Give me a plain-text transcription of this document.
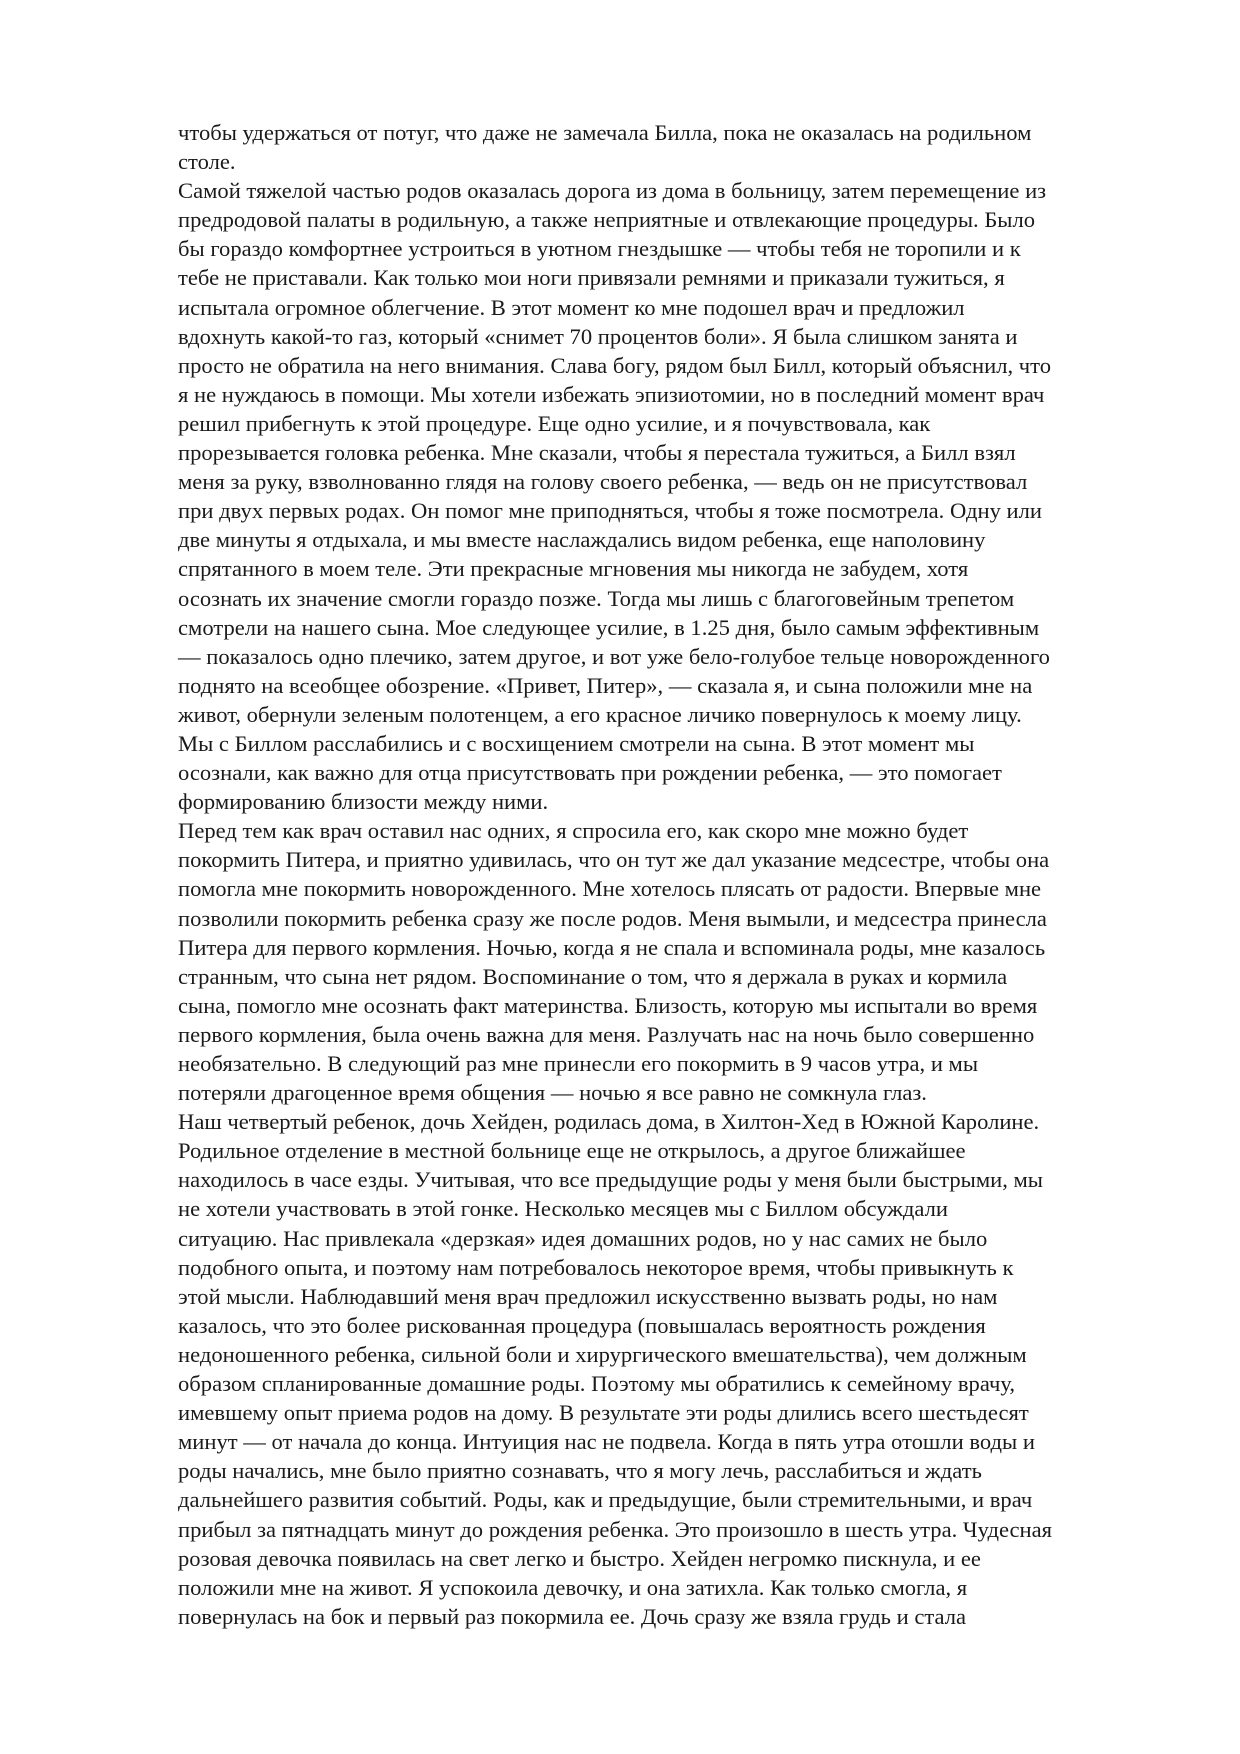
чтобы удержаться от потуг, что даже не замечала Билла, пока не оказалась на родильном
столе.
Самой тяжелой частью родов оказалась дорога из дома в больницу, затем перемещение из
предродовой палаты в родильную, а также неприятные и отвлекающие процедуры. Было
бы гораздо комфортнее устроиться в уютном гнездышке — чтобы тебя не торопили и к
тебе не приставали. Как только мои ноги привязали ремнями и приказали тужиться, я
испытала огромное облегчение. В этот момент ко мне подошел врач и предложил
вдохнуть какой-то газ, который «снимет 70 процентов боли». Я была слишком занята и
просто не обратила на него внимания. Слава богу, рядом был Билл, который объяснил, что
я не нуждаюсь в помощи. Мы хотели избежать эпизиотомии, но в последний момент врач
решил прибегнуть к этой процедуре. Еще одно усилие, и я почувствовала, как
прорезывается головка ребенка. Мне сказали, чтобы я перестала тужиться, а Билл взял
меня за руку, взволнованно глядя на голову своего ребенка, — ведь он не присутствовал
при двух первых родах. Он помог мне приподняться, чтобы я тоже посмотрела. Одну или
две минуты я отдыхала, и мы вместе наслаждались видом ребенка, еще наполовину
спрятанного в моем теле. Эти прекрасные мгновения мы никогда не забудем, хотя
осознать их значение смогли гораздо позже. Тогда мы лишь с благоговейным трепетом
смотрели на нашего сына. Мое следующее усилие, в 1.25 дня, было самым эффективным
— показалось одно плечико, затем другое, и вот уже бело-голубое тельце новорожденного
поднято на всеобщее обозрение. «Привет, Питер», — сказала я, и сына положили мне на
живот, обернули зеленым полотенцем, а его красное личико повернулось к моему лицу.
Мы с Биллом расслабились и с восхищением смотрели на сына. В этот момент мы
осознали, как важно для отца присутствовать при рождении ребенка, — это помогает
формированию близости между ними.
Перед тем как врач оставил нас одних, я спросила его, как скоро мне можно будет
покормить Питера, и приятно удивилась, что он тут же дал указание медсестре, чтобы она
помогла мне покормить новорожденного. Мне хотелось плясать от радости. Впервые мне
позволили покормить ребенка сразу же после родов. Меня вымыли, и медсестра принесла
Питера для первого кормления. Ночью, когда я не спала и вспоминала роды, мне казалось
странным, что сына нет рядом. Воспоминание о том, что я держала в руках и кормила
сына, помогло мне осознать факт материнства. Близость, которую мы испытали во время
первого кормления, была очень важна для меня. Разлучать нас на ночь было совершенно
необязательно. В следующий раз мне принесли его покормить в 9 часов утра, и мы
потеряли драгоценное время общения — ночью я все равно не сомкнула глаз.
Наш четвертый ребенок, дочь Хейден, родилась дома, в Хилтон-Хед в Южной Каролине.
Родильное отделение в местной больнице еще не открылось, а другое ближайшее
находилось в часе езды. Учитывая, что все предыдущие роды у меня были быстрыми, мы
не хотели участвовать в этой гонке. Несколько месяцев мы с Биллом обсуждали
ситуацию. Нас привлекала «дерзкая» идея домашних родов, но у нас самих не было
подобного опыта, и поэтому нам потребовалось некоторое время, чтобы привыкнуть к
этой мысли. Наблюдавший меня врач предложил искусственно вызвать роды, но нам
казалось, что это более рискованная процедура (повышалась вероятность рождения
недоношенного ребенка, сильной боли и хирургического вмешательства), чем должным
образом спланированные домашние роды. Поэтому мы обратились к семейному врачу,
имевшему опыт приема родов на дому. В результате эти роды длились всего шестьдесят
минут — от начала до конца. Интуиция нас не подвела. Когда в пять утра отошли воды и
роды начались, мне было приятно сознавать, что я могу лечь, расслабиться и ждать
дальнейшего развития событий. Роды, как и предыдущие, были стремительными, и врач
прибыл за пятнадцать минут до рождения ребенка. Это произошло в шесть утра. Чудесная
розовая девочка появилась на свет легко и быстро. Хейден негромко пискнула, и ее
положили мне на живот. Я успокоила девочку, и она затихла. Как только смогла, я
повернулась на бок и первый раз покормила ее. Дочь сразу же взяла грудь и стала
